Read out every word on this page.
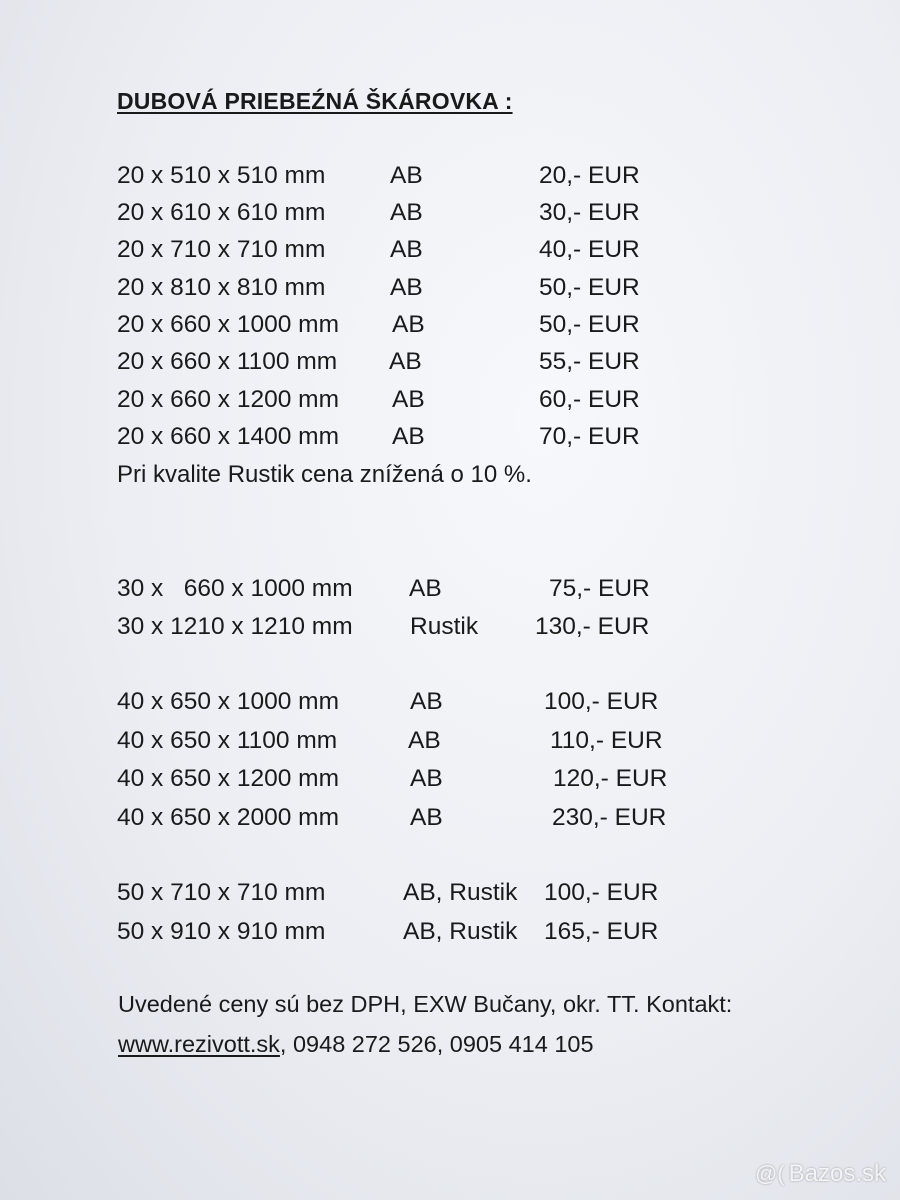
DUBOVÁ PRIEBEŹNÁ ŠKÁROVKA :
20 x 510 x 510 mm	AB	20,- EUR
20 x 610 x 610 mm	AB	30,- EUR
20 x 710 x 710 mm	AB	40,- EUR
20 x 810 x 810 mm	AB	50,- EUR
20 x 660 x 1000 mm AB	50,- EUR
20 x 660 x 1100 mm AB	55,- EUR
20 x 660 x 1200 mm AB	60,- EUR
20 x 660 x 1400 mm AB	70,- EUR
Pri kvalite Rustik cena znížená o 10 %.
30 x   660 x 1000 mm AB	75,- EUR
30 x 1210 x 1210 mm Rustik 130,- EUR
40 x 650 x 1000 mm	AB	100,- EUR
40 x 650 x 1100 mm	AB	110,- EUR
40 x 650 x 1200 mm	AB	120,- EUR
40 x 650 x 2000 mm	AB	230,- EUR
50 x 710 x 710 mm	AB, Rustik 100,- EUR
50 x 910 x 910 mm	AB, Rustik 165,- EUR
Uvedené ceny sú bez DPH, EXW Bučany, okr. TT. Kontakt:
www.rezivott.sk, 0948 272 526, 0905 414 105
@( Bazos.sk
